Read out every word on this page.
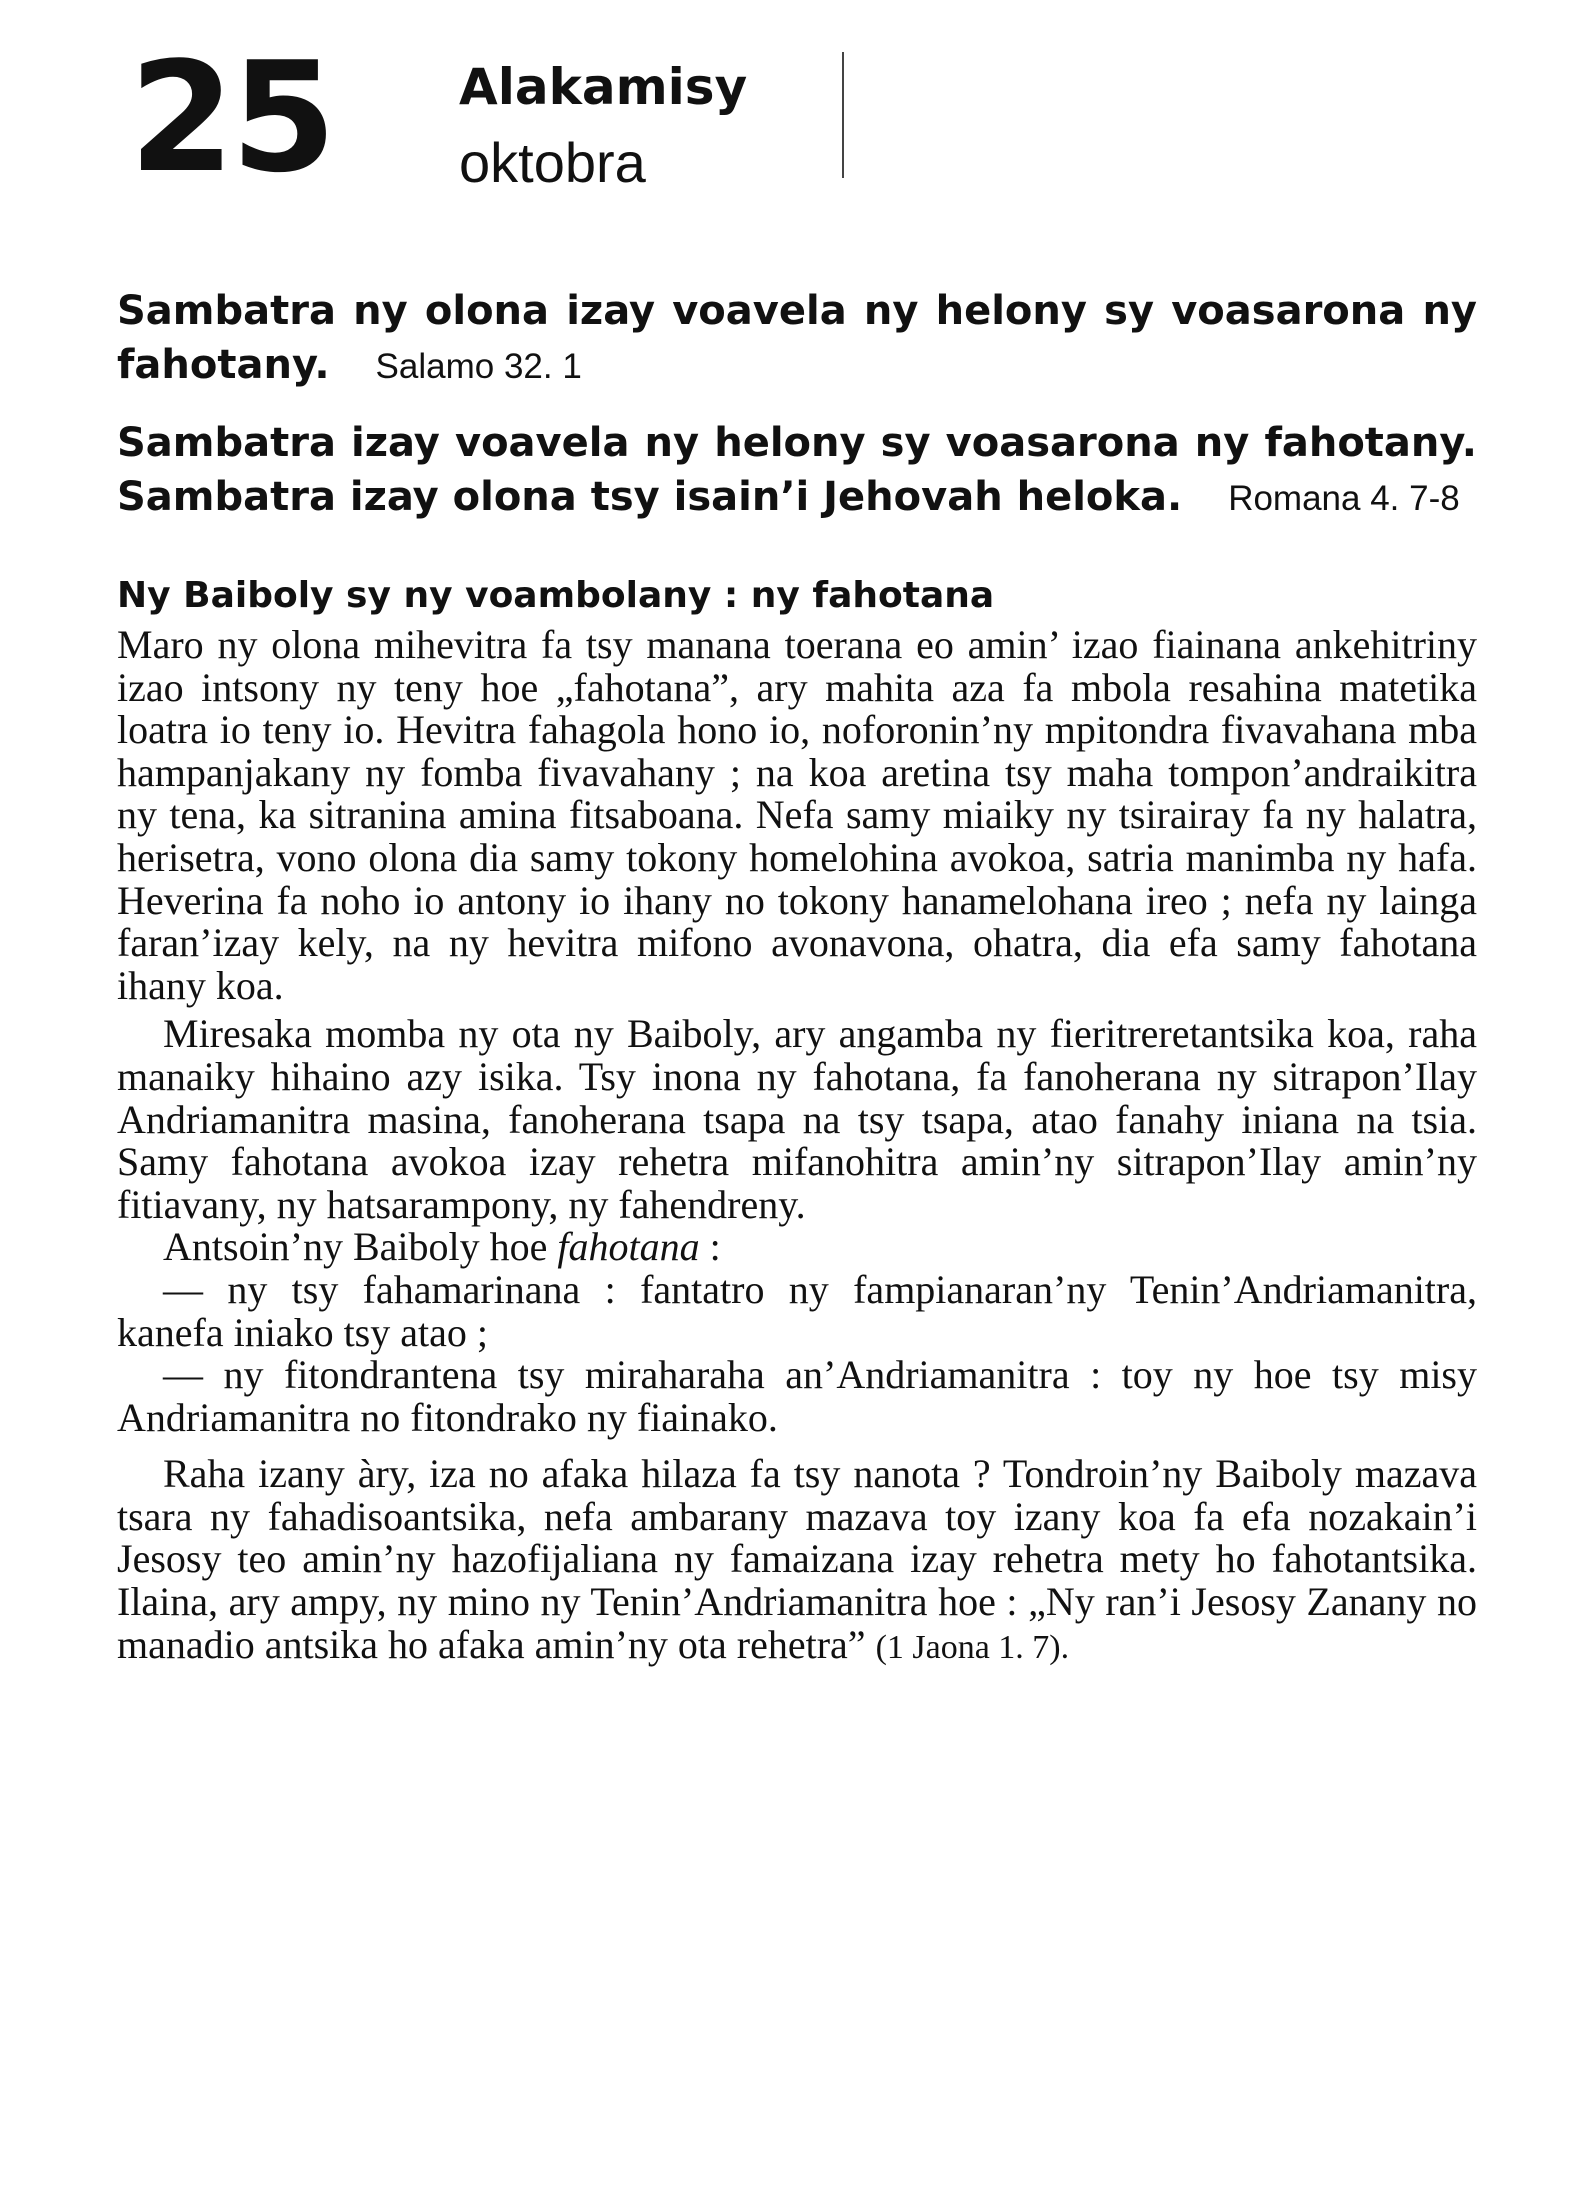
25	Alakamisy
oktobra

Sambatra ny olona izay voavela ny helony sy voasarona ny fahotany. Salamo 32. 1

Sambatra izay voavela ny helony sy voasarona ny fahotany. Sambatra izay olona tsy isain’i Jehovah heloka. Romana 4. 7-8

Ny Baiboly sy ny voambolany : ny fahotana

Maro ny olona mihevitra fa tsy manana toerana eo amin’ izao fiainana ankehitriny izao intsony ny teny hoe „fahotana”, ary mahita aza fa mbola resahina matetika loatra io teny io. Hevitra fahagola hono io, noforonin’ny mpitondra fivavahana mba hampanjakany ny fomba fivavahany ; na koa aretina tsy maha tompon’andraikitra ny tena, ka sitranina amina fitsaboana. Nefa samy miaiky ny tsirairay fa ny halatra, herisetra, vono olona dia samy tokony homelohina avokoa, satria manimba ny hafa. Heverina fa noho io antony io ihany no tokony hanamelohana ireo ; nefa ny lainga faran’izay kely, na ny hevitra mifono avonavona, ohatra, dia efa samy fahotana ihany koa.

Miresaka momba ny ota ny Baiboly, ary angamba ny fieritreretantsika koa, raha manaiky hihaino azy isika. Tsy inona ny fahotana, fa fanoherana ny sitrapon’Ilay Andriamanitra masina, fanoherana tsapa na tsy tsapa, atao fanahy iniana na tsia. Samy fahotana avokoa izay rehetra mifanohitra amin’ny sitrapon’Ilay amin’ny fitiavany, ny hatsarampony, ny fahendreny.

Antsoin’ny Baiboly hoe fahotana :

— ny tsy fahamarinana : fantatro ny fampianaran’ny Tenin’Andriamanitra, kanefa iniako tsy atao ;

— ny fitondrantena tsy miraharaha an’Andriamanitra : toy ny hoe tsy misy Andriamanitra no fitondrako ny fiainako.

Raha izany àry, iza no afaka hilaza fa tsy nanota ? Tondroin’ny Baiboly mazava tsara ny fahadisoantsika, nefa ambarany mazava toy izany koa fa efa nozakain’i Jesosy teo amin’ny hazofijaliana ny famaizana izay rehetra mety ho fahotantsika. Ilaina, ary ampy, ny mino ny Tenin’Andriamanitra hoe : „Ny ran’i Jesosy Zanany no manadio antsika ho afaka amin’ny ota rehetra” (1 Jaona 1. 7).
